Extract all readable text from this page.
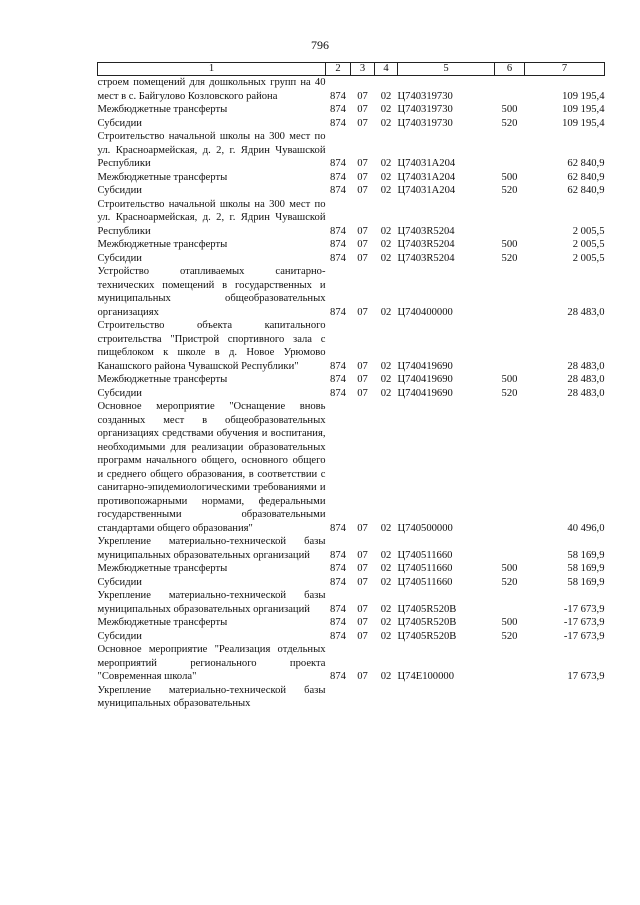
796
1	2	3	4	5	6	7
строем помещений для дошкольных групп на 40 мест в с. Байгулово Козловского района	874	07	02	Ц740319730		109 195,4
Межбюджетные трансферты	874	07	02	Ц740319730	500	109 195,4
Субсидии	874	07	02	Ц740319730	520	109 195,4
Строительство начальной школы на 300 мест по ул. Красноармейская, д. 2, г. Ядрин Чувашской Республики	874	07	02	Ц74031А204		62 840,9
Межбюджетные трансферты	874	07	02	Ц74031А204	500	62 840,9
Субсидии	874	07	02	Ц74031А204	520	62 840,9
Строительство начальной школы на 300 мест по ул. Красноармейская, д. 2, г. Ядрин Чувашской Республики	874	07	02	Ц7403R5204		2 005,5
Межбюджетные трансферты	874	07	02	Ц7403R5204	500	2 005,5
Субсидии	874	07	02	Ц7403R5204	520	2 005,5
Устройство отапливаемых санитарно-технических помещений в государственных и муниципальных общеобразовательных организациях	874	07	02	Ц740400000		28 483,0
Строительство объекта капитального строительства "Пристрой спортивного зала с пищеблоком к школе в д. Новое Урюмово Канашского района Чувашской Республики"	874	07	02	Ц740419690		28 483,0
Межбюджетные трансферты	874	07	02	Ц740419690	500	28 483,0
Субсидии	874	07	02	Ц740419690	520	28 483,0
Основное мероприятие "Оснащение вновь созданных мест в общеобразовательных организациях средствами обучения и воспитания, необходимыми для реализации образовательных программ начального общего, основного общего и среднего общего образования, в соответствии с санитарно-эпидемиологическими требованиями и противопожарными нормами, федеральными государственными образовательными стандартами общего образования"	874	07	02	Ц740500000		40 496,0
Укрепление материально-технической базы муниципальных образовательных организаций	874	07	02	Ц740511660		58 169,9
Межбюджетные трансферты	874	07	02	Ц740511660	500	58 169,9
Субсидии	874	07	02	Ц740511660	520	58 169,9
Укрепление материально-технической базы муниципальных образовательных организаций	874	07	02	Ц7405R520В		-17 673,9
Межбюджетные трансферты	874	07	02	Ц7405R520В	500	-17 673,9
Субсидии	874	07	02	Ц7405R520В	520	-17 673,9
Основное мероприятие "Реализация отдельных мероприятий регионального проекта "Современная школа"	874	07	02	Ц74Е100000		17 673,9
Укрепление материально-технической базы муниципальных образовательных						
